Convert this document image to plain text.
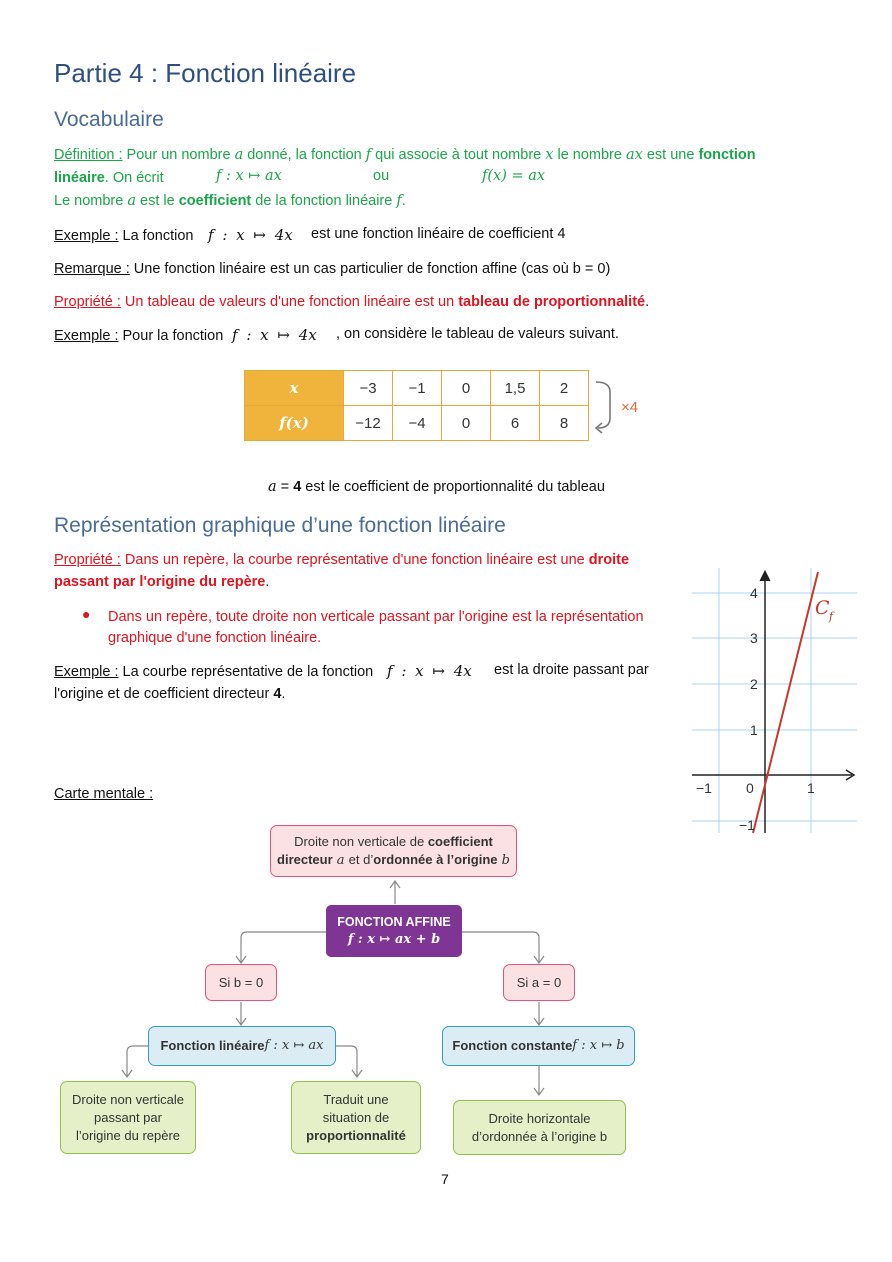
Partie 4 : Fonction linéaire
Vocabulaire
Définition : Pour un nombre a donné, la fonction f qui associe à tout nombre x le nombre ax est une fonction
linéaire. On écrit	f : x ↦ ax	ou	f(x) = ax
Le nombre a est le coefficient de la fonction linéaire f.
Exemple : La fonction f : x ↦ 4x est une fonction linéaire de coefficient 4
Remarque : Une fonction linéaire est un cas particulier de fonction affine (cas où b = 0)
Propriété : Un tableau de valeurs d'une fonction linéaire est un tableau de proportionnalité.
Exemple : Pour la fonction f : x ↦ 4x , on considère le tableau de valeurs suivant.
x	−3	−1	0	1,5	2
f(x)	−12	−4	0	6	8
×4
a = 4 est le coefficient de proportionnalité du tableau
Représentation graphique d’une fonction linéaire
Propriété : Dans un repère, la courbe représentative d'une fonction linéaire est une droite
passant par l'origine du repère.
● Dans un repère, toute droite non verticale passant par l'origine est la représentation
graphique d'une fonction linéaire.
Exemple : La courbe représentative de la fonction f : x ↦ 4x est la droite passant par
l'origine et de coefficient directeur 4.
−1 0	1
4
3
2
1
−1
C f
Carte mentale :
Droite non verticale de coefficient
directeur a et d’ordonnée à l’origine b
FONCTION AFFINE
f : x ↦ ax + b
Si b = 0	Si a = 0
Fonction linéaire f : x ↦ ax	Fonction constante f : x ↦ b
Droite non verticale
passant par
l’origine du repère
Traduit une
situation de
proportionnalité
Droite horizontale
d’ordonnée à l’origine b
7
